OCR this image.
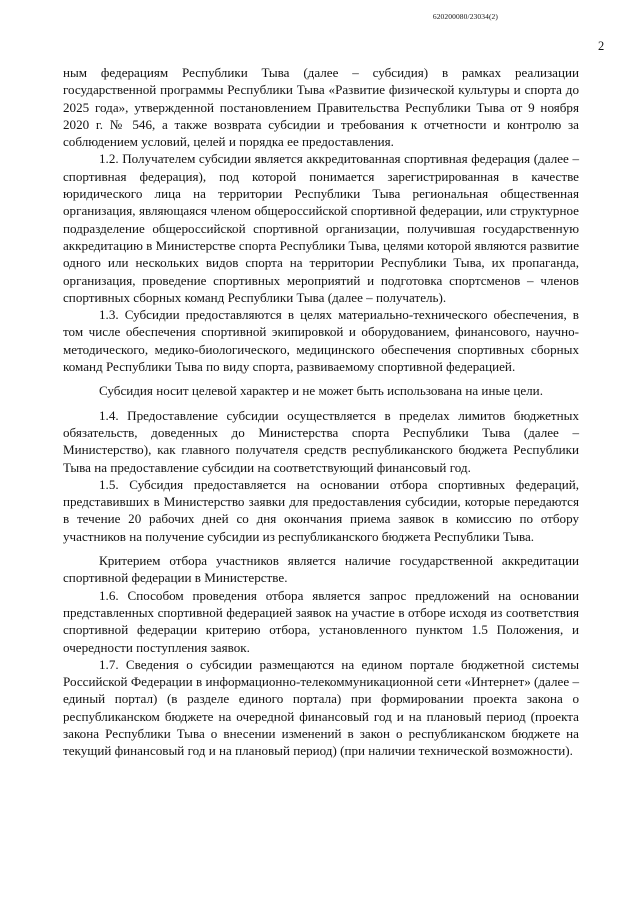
620200080/23034(2)
2

ным федерациям Республики Тыва (далее – субсидия) в рамках реализации государственной программы Республики Тыва «Развитие физической культуры и спорта до 2025 года», утвержденной постановлением Правительства Республики Тыва от 9 ноября 2020 г. № 546, а также возврата субсидии и требования к отчетности и контролю за соблюдением условий, целей и порядка ее предоставления.

1.2. Получателем субсидии является аккредитованная спортивная федерация (далее – спортивная федерация), под которой понимается зарегистрированная в качестве юридического лица на территории Республики Тыва региональная общественная организация, являющаяся членом общероссийской спортивной федерации, или структурное подразделение общероссийской спортивной организации, получившая государственную аккредитацию в Министерстве спорта Республики Тыва, целями которой являются развитие одного или нескольких видов спорта на территории Республики Тыва, их пропаганда, организация, проведение спортивных мероприятий и подготовка спортсменов – членов спортивных сборных команд Республики Тыва (далее – получатель).

1.3. Субсидии предоставляются в целях материально-технического обеспечения, в том числе обеспечения спортивной экипировкой и оборудованием, финансового, научно-методического, медико-биологического, медицинского обеспечения спортивных сборных команд Республики Тыва по виду спорта, развиваемому спортивной федерацией.

Субсидия носит целевой характер и не может быть использована на иные цели.

1.4. Предоставление субсидии осуществляется в пределах лимитов бюджетных обязательств, доведенных до Министерства спорта Республики Тыва (далее – Министерство), как главного получателя средств республиканского бюджета Республики Тыва на предоставление субсидии на соответствующий финансовый год.

1.5. Субсидия предоставляется на основании отбора спортивных федераций, представивших в Министерство заявки для предоставления субсидии, которые передаются в течение 20 рабочих дней со дня окончания приема заявок в комиссию по отбору участников на получение субсидии из республиканского бюджета Республики Тыва.

Критерием отбора участников является наличие государственной аккредитации спортивной федерации в Министерстве.

1.6. Способом проведения отбора является запрос предложений на основании представленных спортивной федерацией заявок на участие в отборе исходя из соответствия спортивной федерации критерию отбора, установленного пунктом 1.5 Положения, и очередности поступления заявок.

1.7. Сведения о субсидии размещаются на едином портале бюджетной системы Российской Федерации в информационно-телекоммуникационной сети «Интернет» (далее – единый портал) (в разделе единого портала) при формировании проекта закона о республиканском бюджете на очередной финансовый год и на плановый период (проекта закона Республики Тыва о внесении изменений в закон о республиканском бюджете на текущий финансовый год и на плановый период) (при наличии технической возможности).
